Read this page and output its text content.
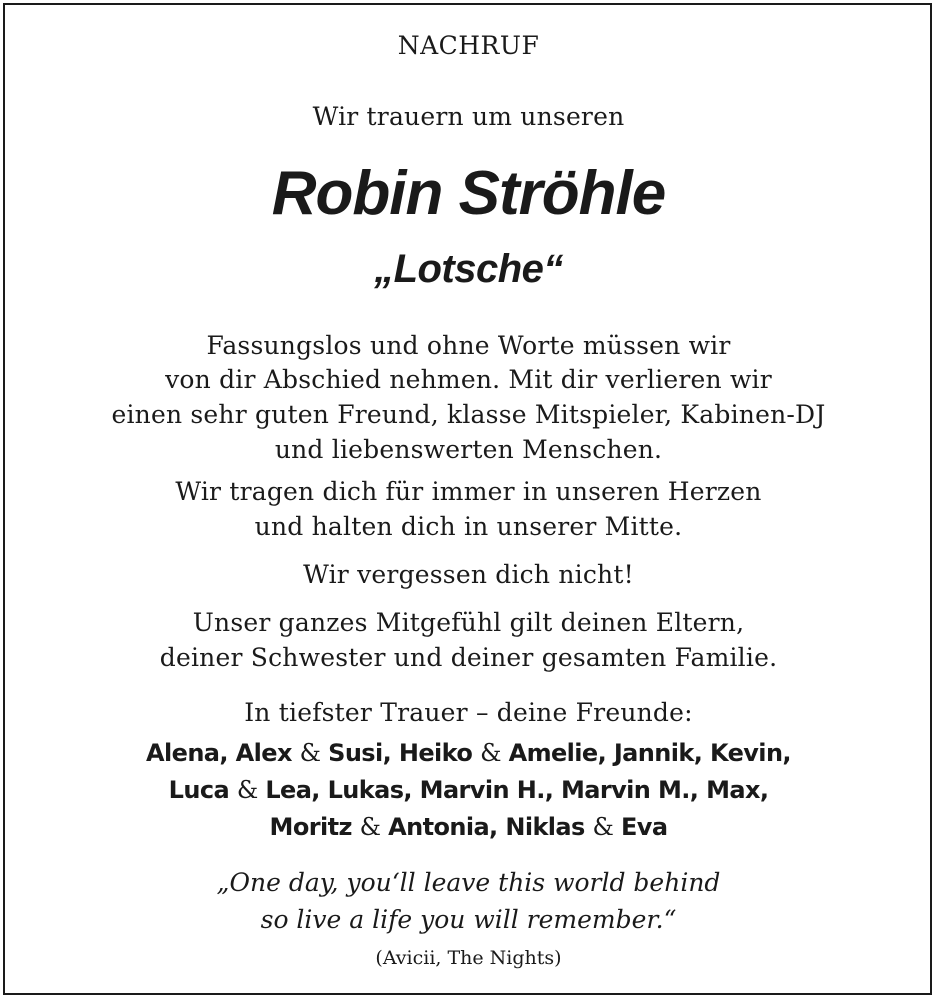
NACHRUF
Wir trauern um unseren
Robin Ströhle
„Lotsche“
Fassungslos und ohne Worte müssen wir
von dir Abschied nehmen. Mit dir verlieren wir
einen sehr guten Freund, klasse Mitspieler, Kabinen-DJ
und liebenswerten Menschen.
Wir tragen dich für immer in unseren Herzen
und halten dich in unserer Mitte.
Wir vergessen dich nicht!
Unser ganzes Mitgefühl gilt deinen Eltern,
deiner Schwester und deiner gesamten Familie.
In tiefster Trauer – deine Freunde:
Alena, Alex & Susi, Heiko & Amelie, Jannik, Kevin,
Luca & Lea, Lukas, Marvin H., Marvin M., Max,
Moritz & Antonia, Niklas & Eva
„One day, you‘ll leave this world behind
so live a life you will remember.“
(Avicii, The Nights)
